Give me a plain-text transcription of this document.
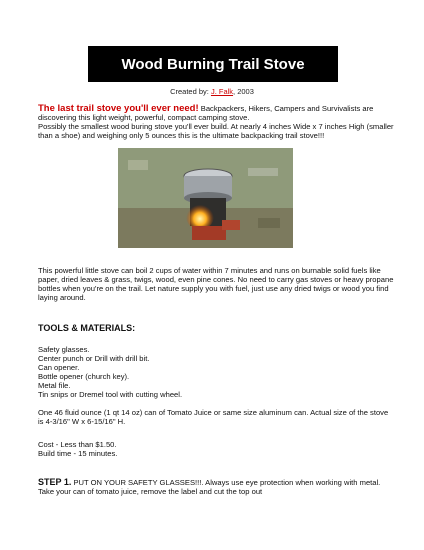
Wood Burning Trail Stove
Created by: J. Falk, 2003
The last trail stove you'll ever need! Backpackers, Hikers, Campers and Survivalists are discovering this light weight, powerful, compact camping stove.
Possibly the smallest wood buring stove you'll ever build. At nearly 4 inches Wide x 7 inches High (smaller than a shoe) and weighing only 5 ounces this is the ultimate backpacking trail stove!!!
This powerful little stove can boil 2 cups of water within 7 minutes and runs on burnable solid fuels like paper, dried leaves & grass, twigs, wood, even pine cones. No need to carry gas stoves or heavy propane bottles when you're on the trail. Let nature supply you with fuel, just use any dried twigs or wood you find laying around.
TOOLS & MATERIALS:

Safety glasses.

Center punch or Drill with drill bit.

Can opener.

Bottle opener (church key).

Metal file.

Tin snips or Dremel tool with cutting wheel.

One 46 fluid ounce (1 qt 14 oz) can of Tomato Juice or same size aluminum can. Actual size of the stove is 4-3/16" W x 6-15/16" H.

Cost - Less than $1.50.

Build time - 15 minutes.

STEP 1. PUT ON YOUR SAFETY GLASSES!!!. Always use eye protection when working with metal. Take your can of tomato juice, remove the label and cut the top out
